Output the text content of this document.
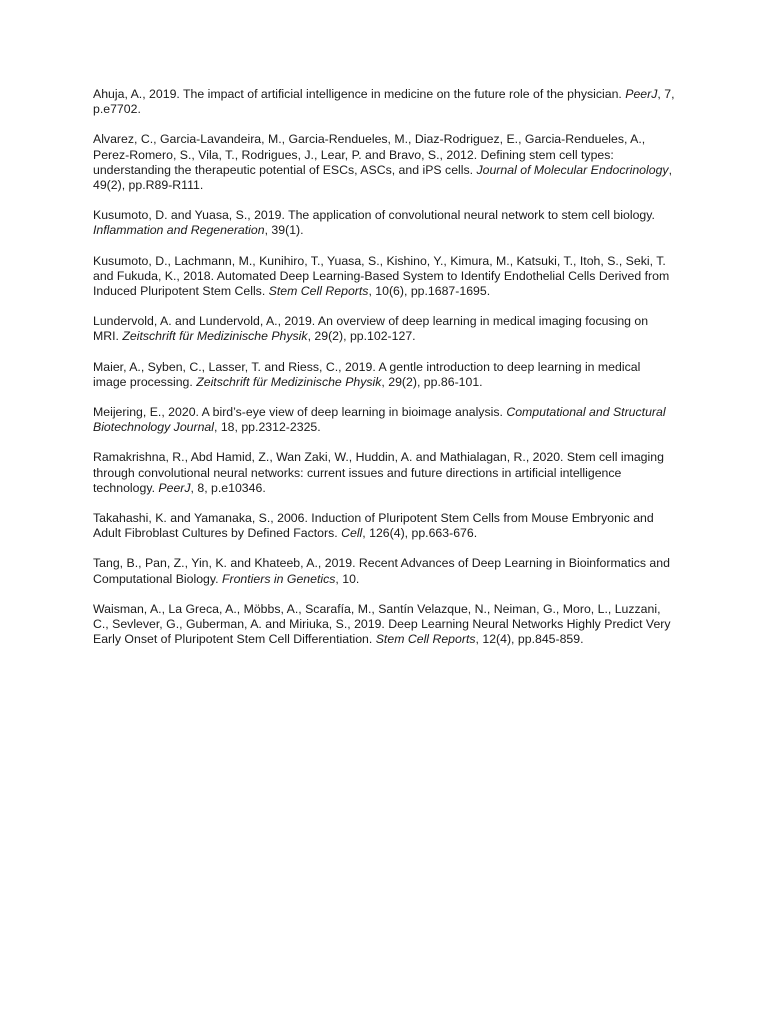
Ahuja, A., 2019. The impact of artificial intelligence in medicine on the future role of the physician. PeerJ, 7, p.e7702.
Alvarez, C., Garcia-Lavandeira, M., Garcia-Rendueles, M., Diaz-Rodriguez, E., Garcia-Rendueles, A., Perez-Romero, S., Vila, T., Rodrigues, J., Lear, P. and Bravo, S., 2012. Defining stem cell types: understanding the therapeutic potential of ESCs, ASCs, and iPS cells. Journal of Molecular Endocrinology, 49(2), pp.R89-R111.
Kusumoto, D. and Yuasa, S., 2019. The application of convolutional neural network to stem cell biology. Inflammation and Regeneration, 39(1).
Kusumoto, D., Lachmann, M., Kunihiro, T., Yuasa, S., Kishino, Y., Kimura, M., Katsuki, T., Itoh, S., Seki, T. and Fukuda, K., 2018. Automated Deep Learning-Based System to Identify Endothelial Cells Derived from Induced Pluripotent Stem Cells. Stem Cell Reports, 10(6), pp.1687-1695.
Lundervold, A. and Lundervold, A., 2019. An overview of deep learning in medical imaging focusing on MRI. Zeitschrift für Medizinische Physik, 29(2), pp.102-127.
Maier, A., Syben, C., Lasser, T. and Riess, C., 2019. A gentle introduction to deep learning in medical image processing. Zeitschrift für Medizinische Physik, 29(2), pp.86-101.
Meijering, E., 2020. A bird’s-eye view of deep learning in bioimage analysis. Computational and Structural Biotechnology Journal, 18, pp.2312-2325.
Ramakrishna, R., Abd Hamid, Z., Wan Zaki, W., Huddin, A. and Mathialagan, R., 2020. Stem cell imaging through convolutional neural networks: current issues and future directions in artificial intelligence technology. PeerJ, 8, p.e10346.
Takahashi, K. and Yamanaka, S., 2006. Induction of Pluripotent Stem Cells from Mouse Embryonic and Adult Fibroblast Cultures by Defined Factors. Cell, 126(4), pp.663-676.
Tang, B., Pan, Z., Yin, K. and Khateeb, A., 2019. Recent Advances of Deep Learning in Bioinformatics and Computational Biology. Frontiers in Genetics, 10.
Waisman, A., La Greca, A., Möbbs, A., Scarafía, M., Santín Velazque, N., Neiman, G., Moro, L., Luzzani, C., Sevlever, G., Guberman, A. and Miriuka, S., 2019. Deep Learning Neural Networks Highly Predict Very Early Onset of Pluripotent Stem Cell Differentiation. Stem Cell Reports, 12(4), pp.845-859.
